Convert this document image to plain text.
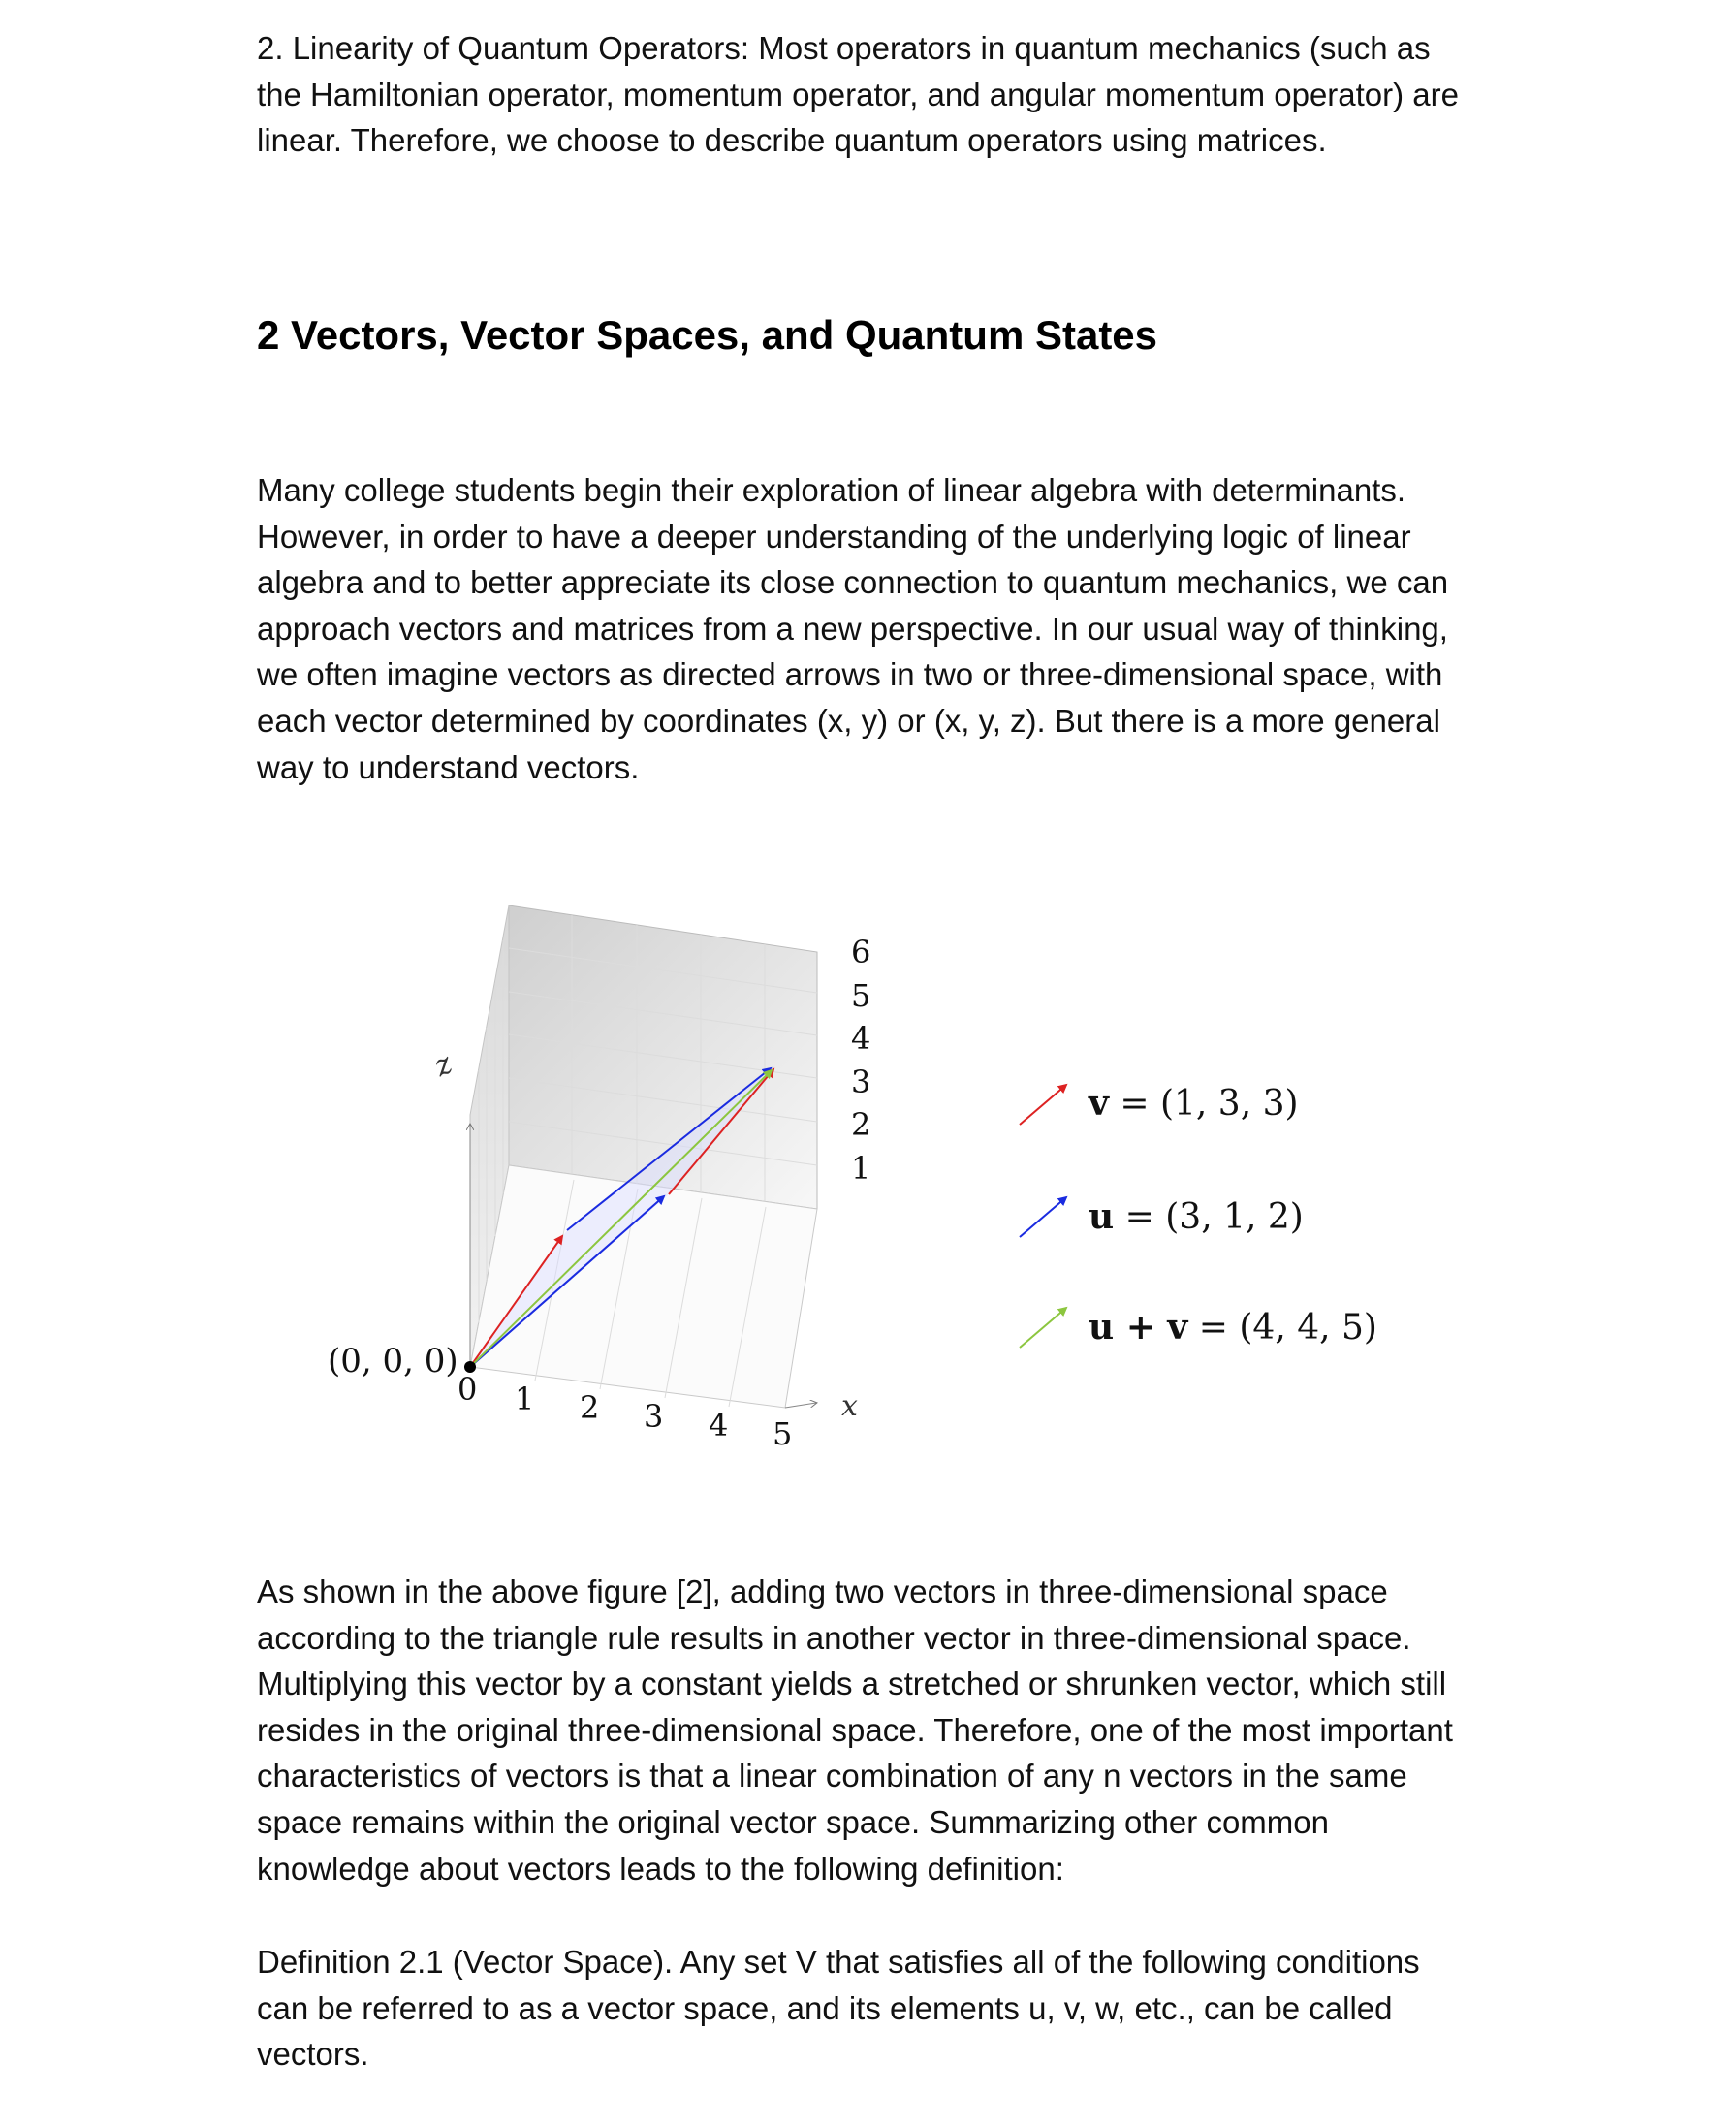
2. Linearity of Quantum Operators: Most operators in quantum mechanics (such as
the Hamiltonian operator, momentum operator, and angular momentum operator) are
linear. Therefore, we choose to describe quantum operators using matrices.

2 Vectors, Vector Spaces, and Quantum States

Many college students begin their exploration of linear algebra with determinants.
However, in order to have a deeper understanding of the underlying logic of linear
algebra and to better appreciate its close connection to quantum mechanics, we can
approach vectors and matrices from a new perspective. In our usual way of thinking,
we often imagine vectors as directed arrows in two or three-dimensional space, with
each vector determined by coordinates (x, y) or (x, y, z). But there is a more general
way to understand vectors.

(0, 0, 0)
z
x
0 1 2 3 4 5
6
5
4
3
2
1
v = (1, 3, 3)
u = (3, 1, 2)
u + v = (4, 4, 5)

As shown in the above figure [2], adding two vectors in three-dimensional space
according to the triangle rule results in another vector in three-dimensional space.
Multiplying this vector by a constant yields a stretched or shrunken vector, which still
resides in the original three-dimensional space. Therefore, one of the most important
characteristics of vectors is that a linear combination of any n vectors in the same
space remains within the original vector space. Summarizing other common
knowledge about vectors leads to the following definition:

Definition 2.1 (Vector Space). Any set V that satisfies all of the following conditions
can be referred to as a vector space, and its elements u, v, w, etc., can be called
vectors.
